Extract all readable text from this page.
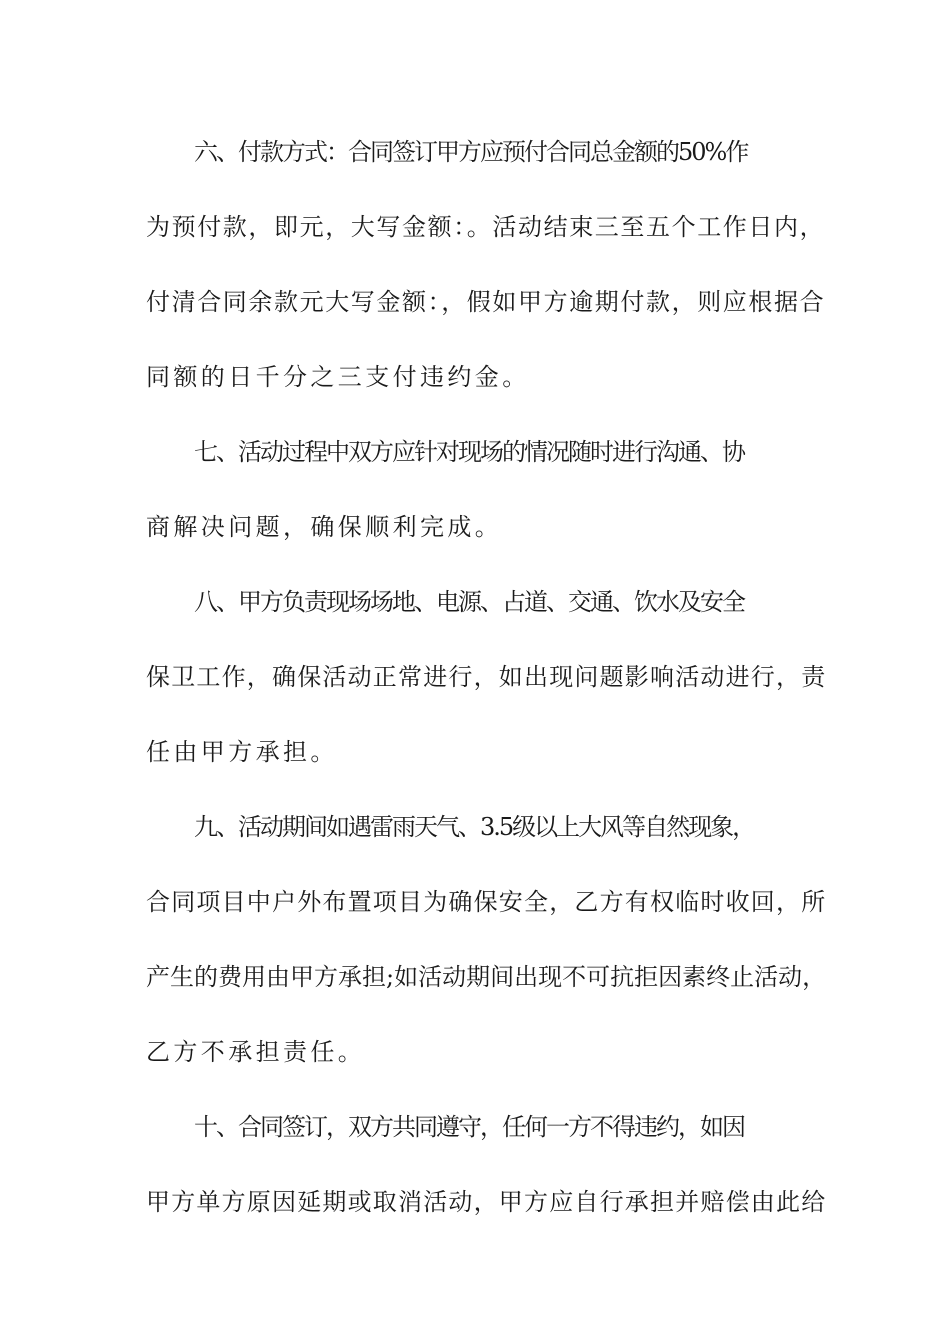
六、付款方式：合同签订甲方应预付合同总金额的50%作
为预付款，即元，大写金额：。活动结束三至五个工作日内，
付清合同余款元大写金额：，假如甲方逾期付款，则应根据合
同额的日千分之三支付违约金。
七、活动过程中双方应针对现场的情况随时进行沟通、协
商解决问题，确保顺利完成。
八、甲方负责现场场地、电源、占道、交通、饮水及安全
保卫工作，确保活动正常进行，如出现问题影响活动进行，责
任由甲方承担。
九、活动期间如遇雷雨天气、3.5级以上大风等自然现象，
合同项目中户外布置项目为确保安全，乙方有权临时收回，所
产生的费用由甲方承担;如活动期间出现不可抗拒因素终止活动，
乙方不承担责任。
十、合同签订，双方共同遵守，任何一方不得违约，如因
甲方单方原因延期或取消活动，甲方应自行承担并赔偿由此给
